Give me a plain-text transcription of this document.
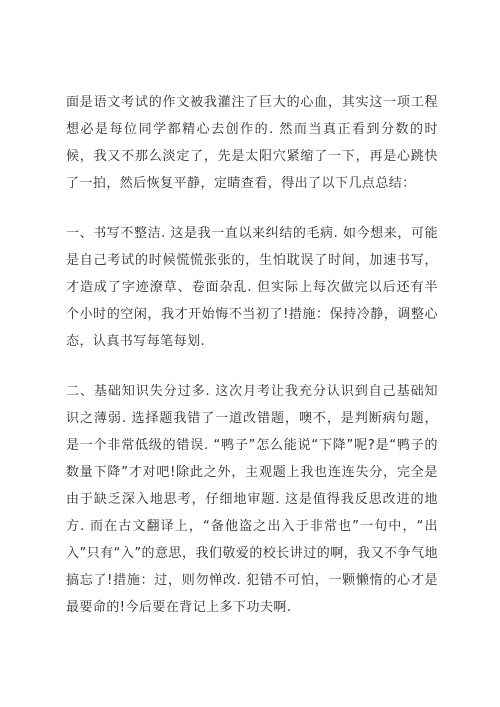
面是语文考试的作文被我灌注了巨大的心血，其实这一项工程想必是每位同学都精心去创作的. 然而当真正看到分数的时候，我又不那么淡定了，先是太阳穴紧缩了一下，再是心跳快了一拍，然后恢复平静，定睛查看，得出了以下几点总结：

一、书写不整洁. 这是我一直以来纠结的毛病. 如今想来，可能是自己考试的时候慌慌张张的，生怕耽误了时间，加速书写，才造成了字迹潦草、卷面杂乱. 但实际上每次做完以后还有半个小时的空闲，我才开始悔不当初了!措施：保持冷静，调整心态，认真书写每笔每划.

二、基础知识失分过多. 这次月考让我充分认识到自己基础知识之薄弱. 选择题我错了一道改错题，噢不，是判断病句题，是一个非常低级的错误. “鸭子”怎么能说“下降”呢?是“鸭子的数量下降”才对吧!除此之外，主观题上我也连连失分，完全是由于缺乏深入地思考，仔细地审题. 这是值得我反思改进的地方. 而在古文翻译上，“备他盗之出入于非常也”一句中，“出入”只有“入”的意思，我们敬爱的校长讲过的啊，我又不争气地搞忘了!措施：过，则勿惮改. 犯错不可怕，一颗懒惰的心才是最要命的!今后要在背记上多下功夫啊.
